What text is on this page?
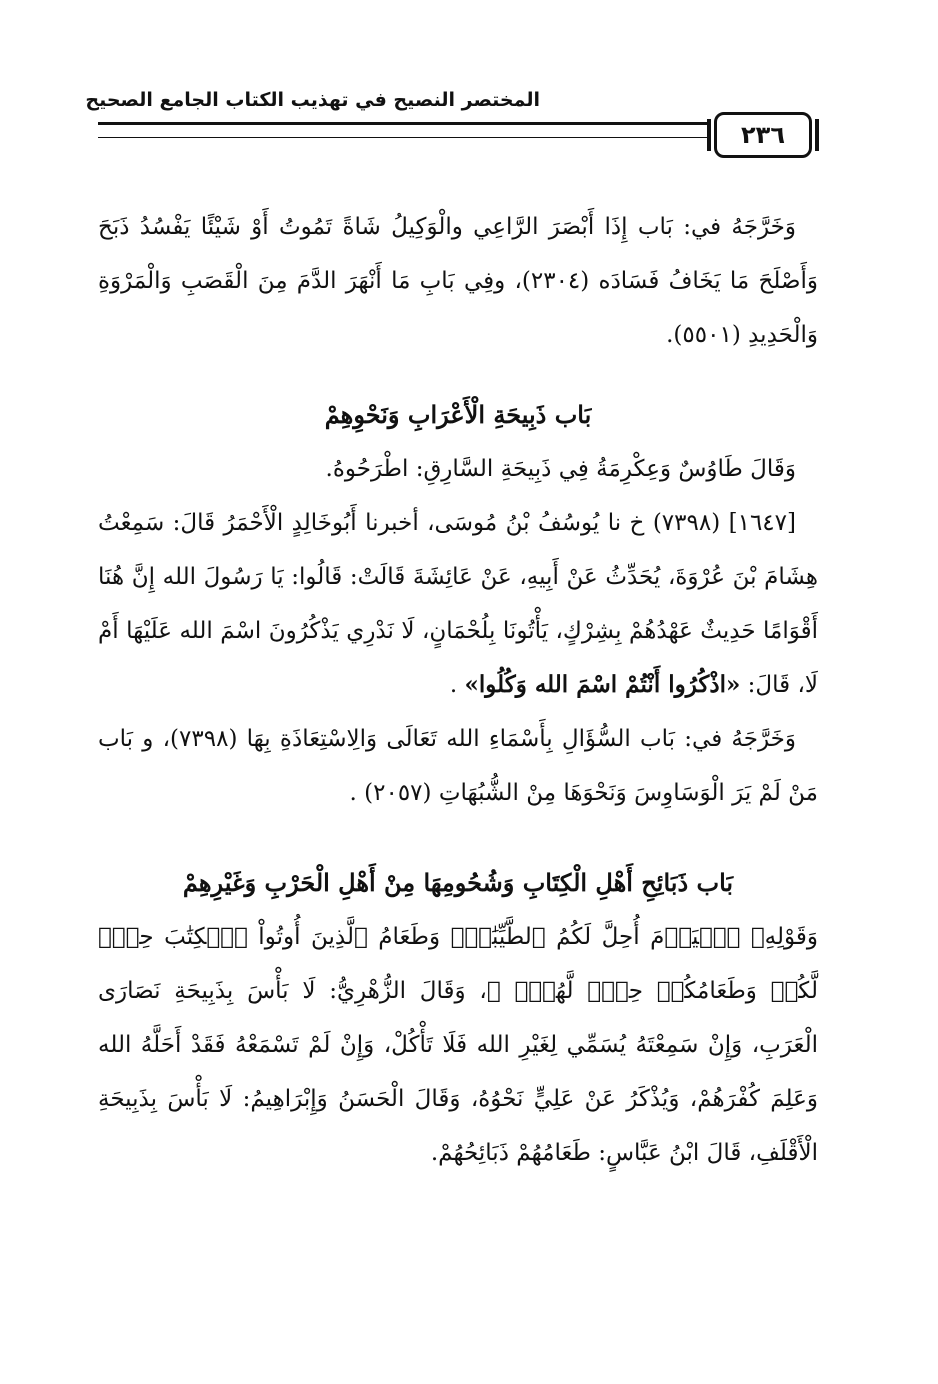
المختصر النصيح في تهذيب الكتاب الجامع الصحيح
٢٣٦

وَخَرَّجَهُ في: بَاب إِذَا أَبْصَرَ الرَّاعِي والْوَكِيلُ شَاةً تَمُوتُ أَوْ شَيْئًا يَفْسُدُ ذَبَحَ وَأَصْلَحَ مَا يَخَافُ فَسَادَه (٢٣٠٤)، وفِي بَابِ مَا أَنْهَرَ الدَّمَ مِنَ الْقَصَبِ وَالْمَرْوَةِ وَالْحَدِيدِ (٥٥٠١).

بَاب ذَبِيحَةِ الْأَعْرَابِ وَنَحْوِهِمْ

وَقَالَ طَاوُسٌ وَعِكْرِمَةُ فِي ذَبِيحَةِ السَّارِقِ: اطْرَحُوهُ.

[١٦٤٧] (٧٣٩٨) خ نا يُوسُفُ بْنُ مُوسَى، أخبرنا أَبُوخَالِدٍ الْأَحْمَرُ قَالَ: سَمِعْتُ هِشَامَ بْنَ عُرْوَةَ، يُحَدِّثُ عَنْ أَبِيهِ، عَنْ عَائِشَةَ قَالَتْ: قَالُوا: يَا رَسُولَ الله إِنَّ هُنَا أَقْوَامًا حَدِيثٌ عَهْدُهُمْ بِشِرْكٍ، يَأْتُونَا بِلُحْمَانٍ، لَا نَدْرِي يَذْكُرُونَ اسْمَ الله عَلَيْهَا أَمْ لَا، قَالَ: «اذْكُرُوا أَنْتُمْ اسْمَ الله وَكُلُوا» .

وَخَرَّجَهُ في: بَاب السُّؤَالِ بِأَسْمَاءِ الله تَعَالَى وَالِاسْتِعَاذَةِ بِهَا (٧٣٩٨)، و بَاب مَنْ لَمْ يَرَ الْوَسَاوِسَ وَنَحْوَهَا مِنْ الشُّبُهَاتِ (٢٠٥٧) .

بَاب ذَبَائِحِ أَهْلِ الْكِتَابِ وَشُحُومِهَا مِنْ أَهْلِ الْحَرْبِ وَغَيْرِهِمْ

وَقَوْلِهِ﴿ ٱلۡيَوۡمَ أُحِلَّ لَكُمُ ٱلطَّيِّبَٰتُۖ وَطَعَامُ ٱلَّذِينَ أُوتُواْ ٱلۡكِتَٰبَ حِلّٞ لَّكُمۡ وَطَعَامُكُمۡ حِلّٞ لَّهُمۡۖ ﴾، وَقَالَ الزُّهْرِيُّ: لَا بَأْسَ بِذَبِيحَةِ نَصَارَى الْعَرَبِ، وَإِنْ سَمِعْتَهُ يُسَمِّي لِغَيْرِ الله فَلَا تَأْكُلْ، وَإِنْ لَمْ تَسْمَعْهُ فَقَدْ أَحَلَّهُ الله وَعَلِمَ كُفْرَهُمْ، وَيُذْكَرُ عَنْ عَلِيٍّ نَحْوُهُ، وَقَالَ الْحَسَنُ وَإِبْرَاهِيمُ: لَا بَأْسَ بِذَبِيحَةِ الْأَقْلَفِ، قَالَ ابْنُ عَبَّاسٍ: طَعَامُهُمْ ذَبَائِحُهُمْ.
